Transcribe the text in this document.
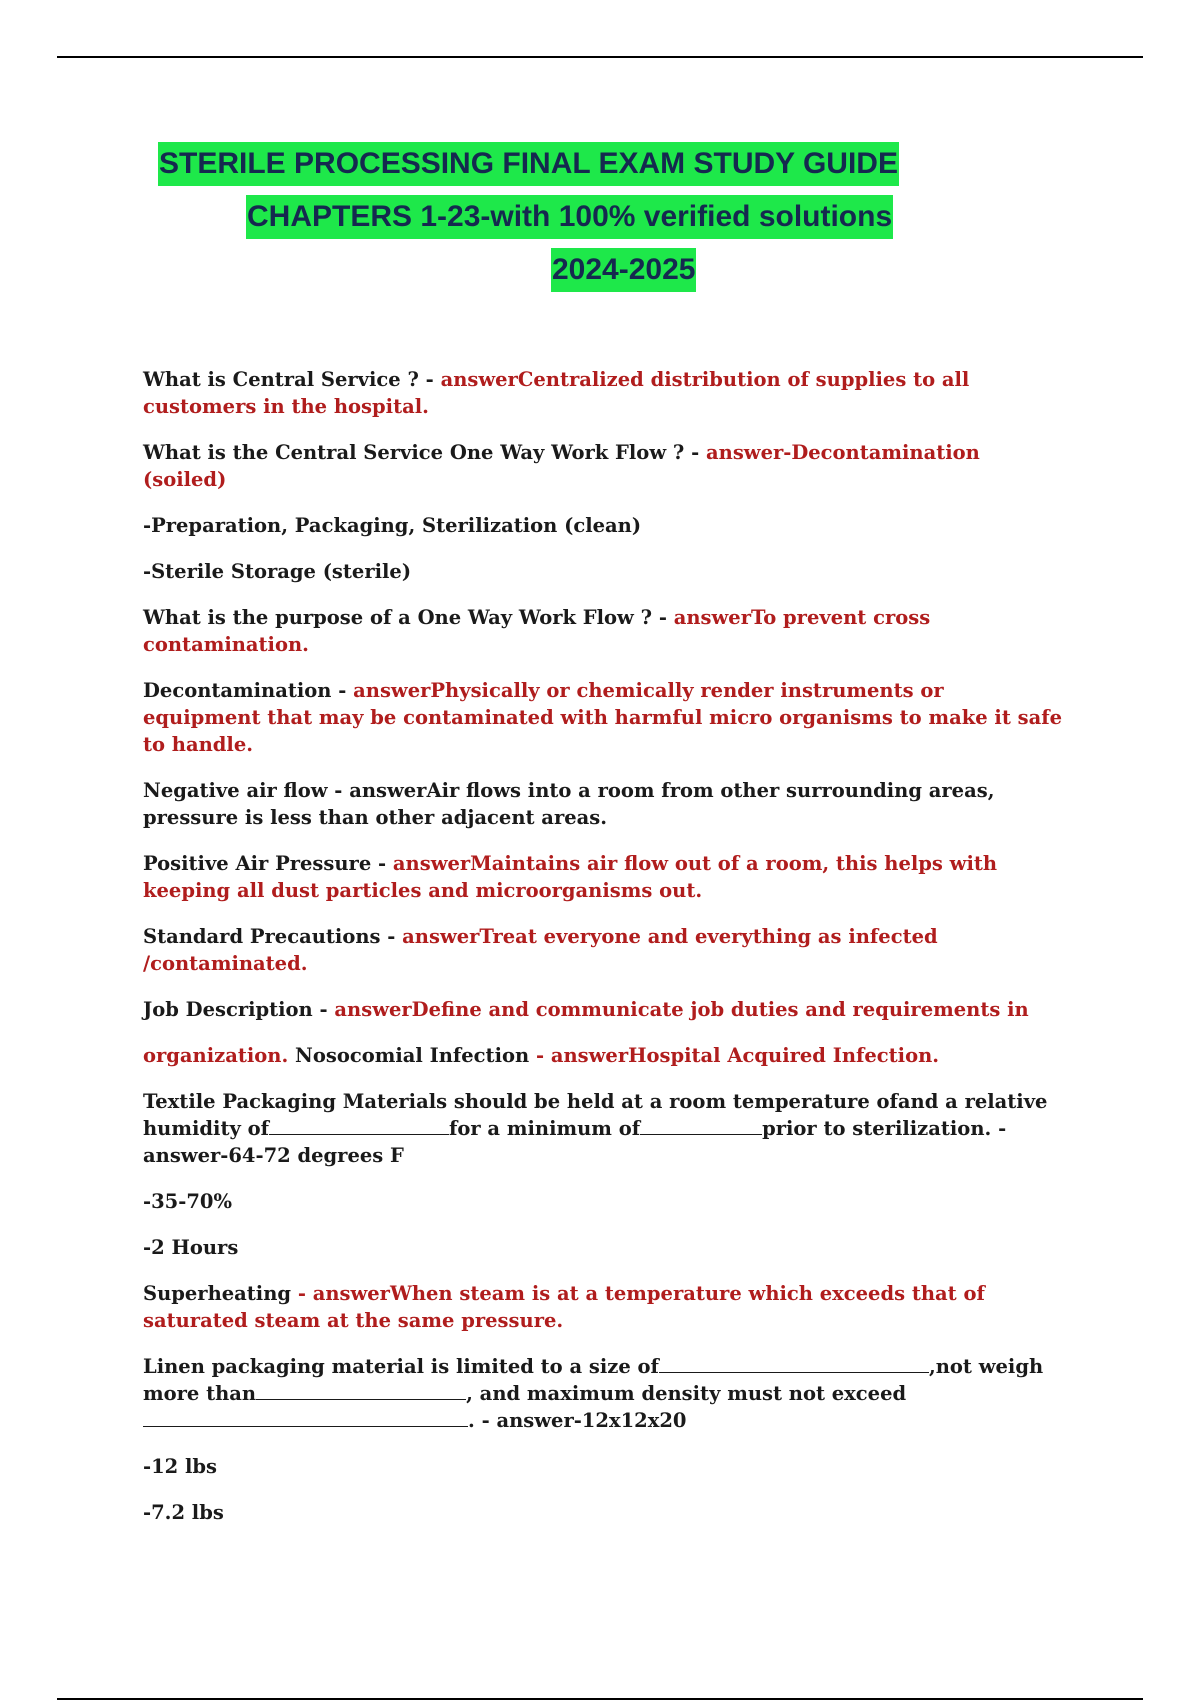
STERILE PROCESSING FINAL EXAM STUDY GUIDE
CHAPTERS 1-23-with 100% verified solutions
2024-2025

What is Central Service ? - answerCentralized distribution of supplies to all customers in the hospital.

What is the Central Service One Way Work Flow ? - answer-Decontamination (soiled)

-Preparation, Packaging, Sterilization (clean)

-Sterile Storage (sterile)

What is the purpose of a One Way Work Flow ? - answerTo prevent cross contamination.

Decontamination - answerPhysically or chemically render instruments or equipment that may be contaminated with harmful micro organisms to make it safe to handle.

Negative air flow - answerAir flows into a room from other surrounding areas, pressure is less than other adjacent areas.

Positive Air Pressure - answerMaintains air flow out of a room, this helps with keeping all dust particles and microorganisms out.

Standard Precautions - answerTreat everyone and everything as infected /contaminated.

Job Description - answerDefine and communicate job duties and requirements in

organization. Nosocomial Infection - answerHospital Acquired Infection.

Textile Packaging Materials should be held at a room temperature ofand a relative humidity of	for a minimum of	prior to sterilization. - answer-64-72 degrees F

-35-70%

-2 Hours

Superheating - answerWhen steam is at a temperature which exceeds that of saturated steam at the same pressure.

Linen packaging material is limited to a size of	,not weigh more than	, and maximum density must not exceed. - answer-12x12x20

-12 lbs

-7.2 lbs
